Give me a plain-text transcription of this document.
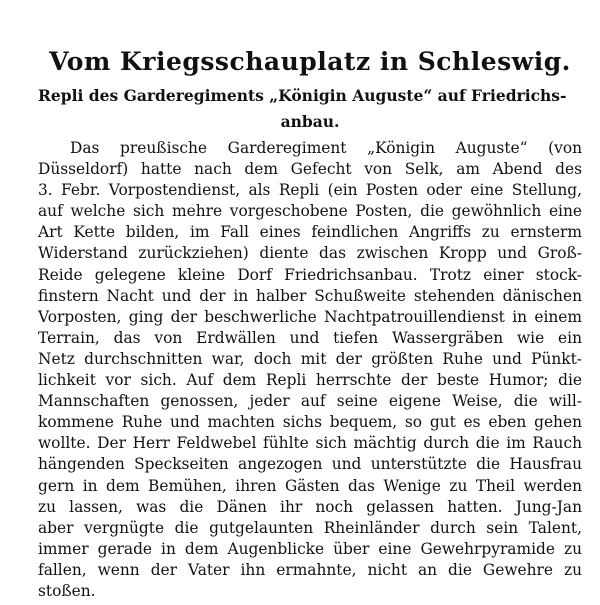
Vom Kriegsschauplatz in Schleswig.
Repli des Garderegiments „Königin Auguste“ auf Friedrichs-
anbau.
Das preußische Garderegiment „Königin Auguste“ (von
Düsseldorf) hatte nach dem Gefecht von Selk, am Abend des
3. Febr. Vorpostendienst, als Repli (ein Posten oder eine Stellung,
auf welche sich mehre vorgeschobene Posten, die gewöhnlich eine
Art Kette bilden, im Fall eines feindlichen Angriffs zu ernsterm
Widerstand zurückziehen) diente das zwischen Kropp und Groß-
Reide gelegene kleine Dorf Friedrichsanbau. Trotz einer stock-
finstern Nacht und der in halber Schußweite stehenden dänischen
Vorposten, ging der beschwerliche Nachtpatrouillendienst in einem
Terrain, das von Erdwällen und tiefen Wassergräben wie ein
Netz durchschnitten war, doch mit der größten Ruhe und Pünkt-
lichkeit vor sich. Auf dem Repli herrschte der beste Humor; die
Mannschaften genossen, jeder auf seine eigene Weise, die will-
kommene Ruhe und machten sichs bequem, so gut es eben gehen
wollte. Der Herr Feldwebel fühlte sich mächtig durch die im Rauch
hängenden Speckseiten angezogen und unterstützte die Hausfrau
gern in dem Bemühen, ihren Gästen das Wenige zu Theil werden
zu lassen, was die Dänen ihr noch gelassen hatten. Jung-Jan
aber vergnügte die gutgelaunten Rheinländer durch sein Talent,
immer gerade in dem Augenblicke über eine Gewehrpyramide zu
fallen, wenn der Vater ihn ermahnte, nicht an die Gewehre zu
stoßen.
